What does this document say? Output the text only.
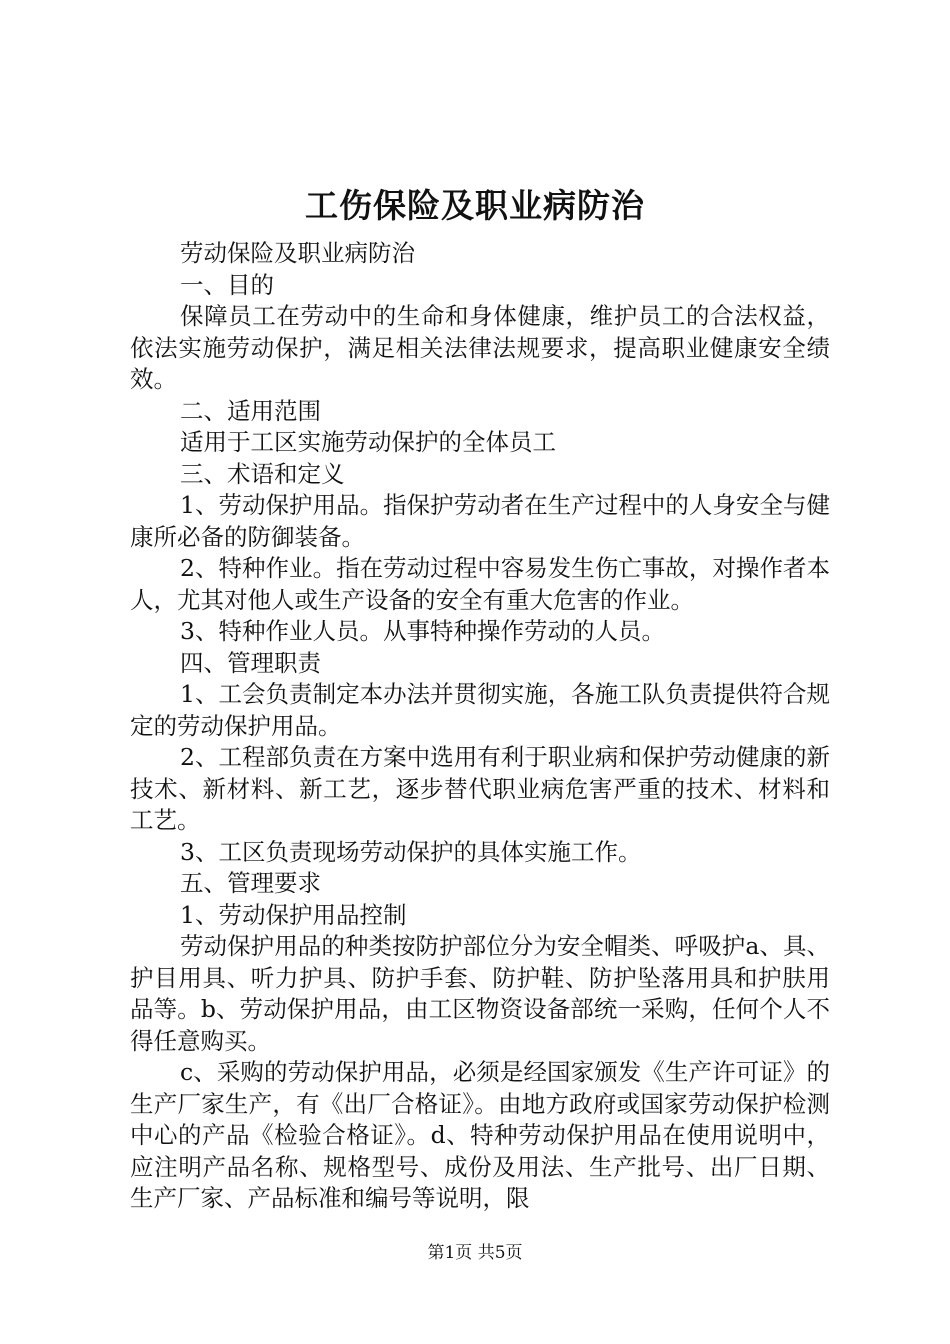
工伤保险及职业病防治

劳动保险及职业病防治

一、目的

保障员工在劳动中的生命和身体健康，维护员工的合法权益，依法实施劳动保护，满足相关法律法规要求，提高职业健康安全绩效。

二、适用范围

适用于工区实施劳动保护的全体员工

三、术语和定义

1、劳动保护用品。指保护劳动者在生产过程中的人身安全与健康所必备的防御装备。

2、特种作业。指在劳动过程中容易发生伤亡事故，对操作者本人，尤其对他人或生产设备的安全有重大危害的作业。

3、特种作业人员。从事特种操作劳动的人员。

四、管理职责

1、工会负责制定本办法并贯彻实施，各施工队负责提供符合规定的劳动保护用品。

2、工程部负责在方案中选用有利于职业病和保护劳动健康的新技术、新材料、新工艺，逐步替代职业病危害严重的技术、材料和工艺。

3、工区负责现场劳动保护的具体实施工作。

五、管理要求

1、劳动保护用品控制

劳动保护用品的种类按防护部位分为安全帽类、呼吸护a、具、护目用具、听力护具、防护手套、防护鞋、防护坠落用具和护肤用品等。b、劳动保护用品，由工区物资设备部统一采购，任何个人不得任意购买。

c、采购的劳动保护用品，必须是经国家颁发《生产许可证》的生产厂家生产，有《出厂合格证》。由地方政府或国家劳动保护检测中心的产品《检验合格证》。d、特种劳动保护用品在使用说明中，应注明产品名称、规格型号、成份及用法、生产批号、出厂日期、生产厂家、产品标准和编号等说明，限

第1页 共5页
